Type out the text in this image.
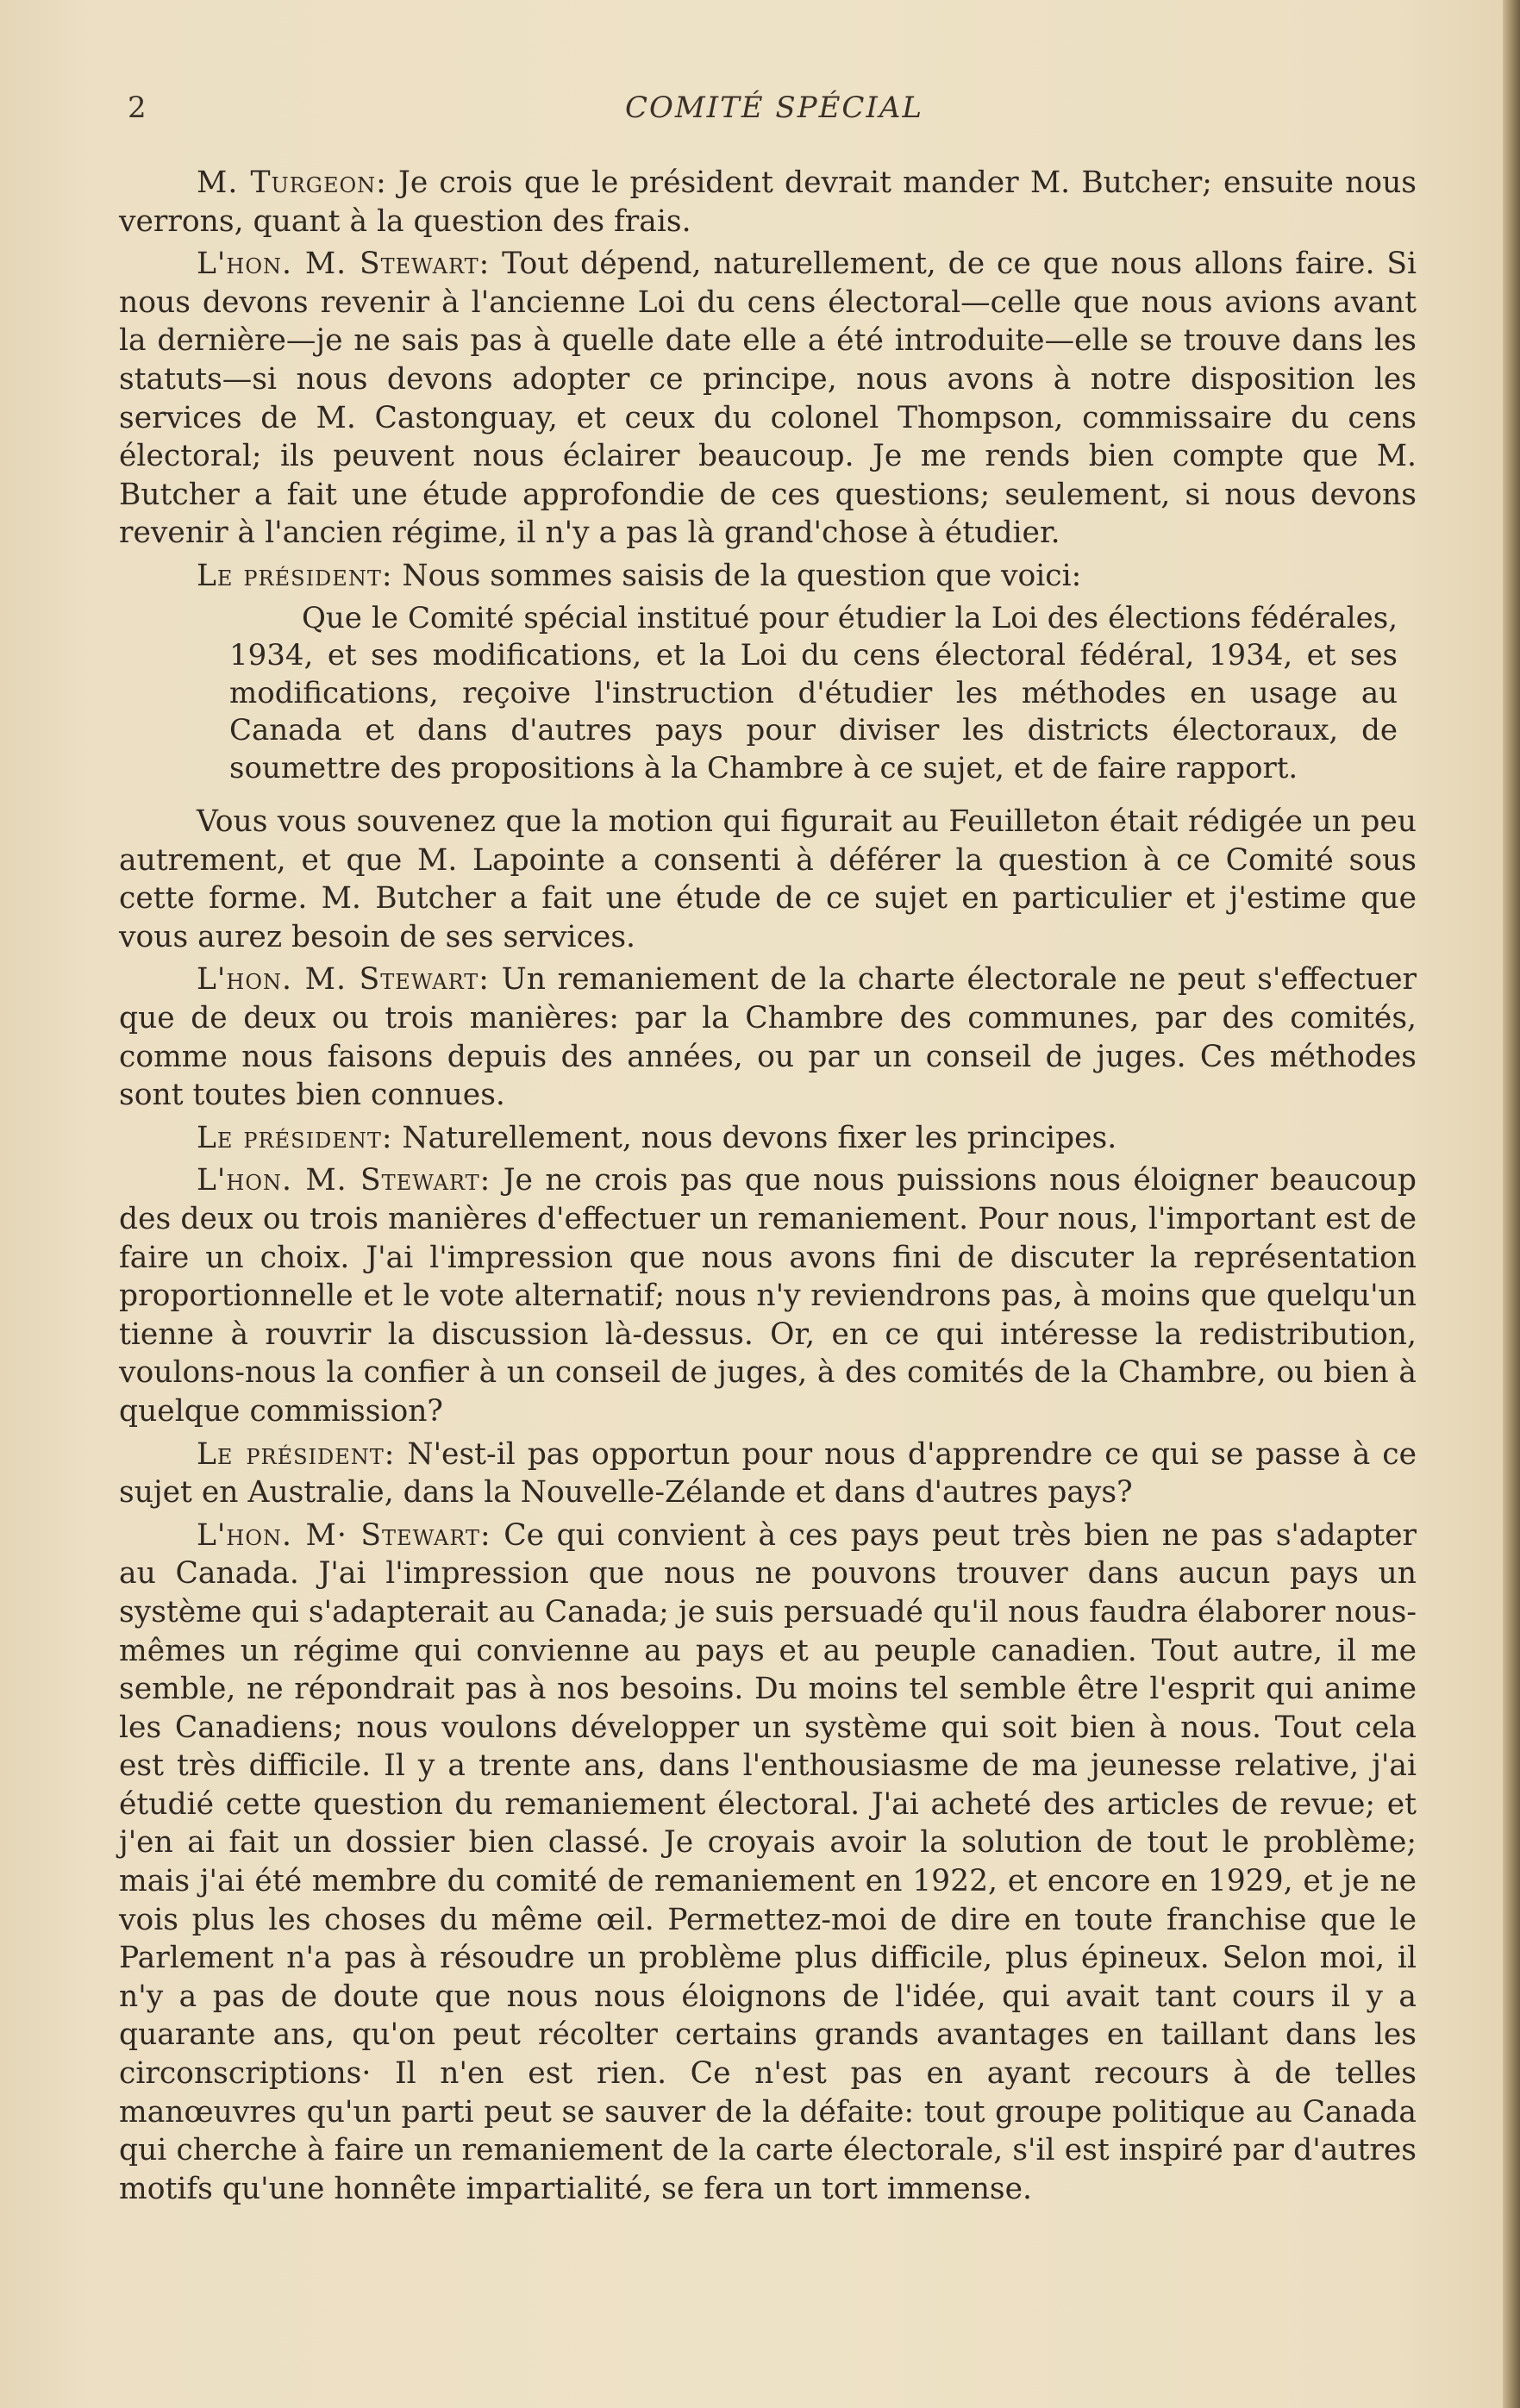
2	COMITÉ SPÉCIAL

M. Turgeon: Je crois que le président devrait mander M. Butcher; ensuite nous verrons, quant à la question des frais.

L'hon. M. Stewart: Tout dépend, naturellement, de ce que nous allons faire. Si nous devons revenir à l'ancienne Loi du cens électoral—celle que nous avions avant la dernière—je ne sais pas à quelle date elle a été introduite—elle se trouve dans les statuts—si nous devons adopter ce principe, nous avons à notre disposition les services de M. Castonguay, et ceux du colonel Thompson, commissaire du cens électoral; ils peuvent nous éclairer beaucoup. Je me rends bien compte que M. Butcher a fait une étude approfondie de ces questions; seulement, si nous devons revenir à l'ancien régime, il n'y a pas là grand'chose à étudier.

Le président: Nous sommes saisis de la question que voici:

Que le Comité spécial institué pour étudier la Loi des élections fédérales, 1934, et ses modifications, et la Loi du cens électoral fédéral, 1934, et ses modifications, reçoive l'instruction d'étudier les méthodes en usage au Canada et dans d'autres pays pour diviser les districts électoraux, de soumettre des propositions à la Chambre à ce sujet, et de faire rapport.

Vous vous souvenez que la motion qui figurait au Feuilleton était rédigée un peu autrement, et que M. Lapointe a consenti à déférer la question à ce Comité sous cette forme. M. Butcher a fait une étude de ce sujet en particulier et j'estime que vous aurez besoin de ses services.

L'hon. M. Stewart: Un remaniement de la charte électorale ne peut s'effectuer que de deux ou trois manières: par la Chambre des communes, par des comités, comme nous faisons depuis des années, ou par un conseil de juges. Ces méthodes sont toutes bien connues.

Le président: Naturellement, nous devons fixer les principes.

L'hon. M. Stewart: Je ne crois pas que nous puissions nous éloigner beaucoup des deux ou trois manières d'effectuer un remaniement. Pour nous, l'important est de faire un choix. J'ai l'impression que nous avons fini de discuter la représentation proportionnelle et le vote alternatif; nous n'y reviendrons pas, à moins que quelqu'un tienne à rouvrir la discussion là-dessus. Or, en ce qui intéresse la redistribution, voulons-nous la confier à un conseil de juges, à des comités de la Chambre, ou bien à quelque commission?

Le président: N'est-il pas opportun pour nous d'apprendre ce qui se passe à ce sujet en Australie, dans la Nouvelle-Zélande et dans d'autres pays?

L'hon. M· Stewart: Ce qui convient à ces pays peut très bien ne pas s'adapter au Canada. J'ai l'impression que nous ne pouvons trouver dans aucun pays un système qui s'adapterait au Canada; je suis persuadé qu'il nous faudra élaborer nous-mêmes un régime qui convienne au pays et au peuple canadien. Tout autre, il me semble, ne répondrait pas à nos besoins. Du moins tel semble être l'esprit qui anime les Canadiens; nous voulons développer un système qui soit bien à nous. Tout cela est très difficile. Il y a trente ans, dans l'enthousiasme de ma jeunesse relative, j'ai étudié cette question du remaniement électoral. J'ai acheté des articles de revue; et j'en ai fait un dossier bien classé. Je croyais avoir la solution de tout le problème; mais j'ai été membre du comité de remaniement en 1922, et encore en 1929, et je ne vois plus les choses du même œil. Permettez-moi de dire en toute franchise que le Parlement n'a pas à résoudre un problème plus difficile, plus épineux. Selon moi, il n'y a pas de doute que nous nous éloignons de l'idée, qui avait tant cours il y a quarante ans, qu'on peut récolter certains grands avantages en taillant dans les circonscriptions· Il n'en est rien. Ce n'est pas en ayant recours à de telles manœuvres qu'un parti peut se sauver de la défaite: tout groupe politique au Canada qui cherche à faire un remaniement de la carte électorale, s'il est inspiré par d'autres motifs qu'une honnête impartialité, se fera un tort immense.
